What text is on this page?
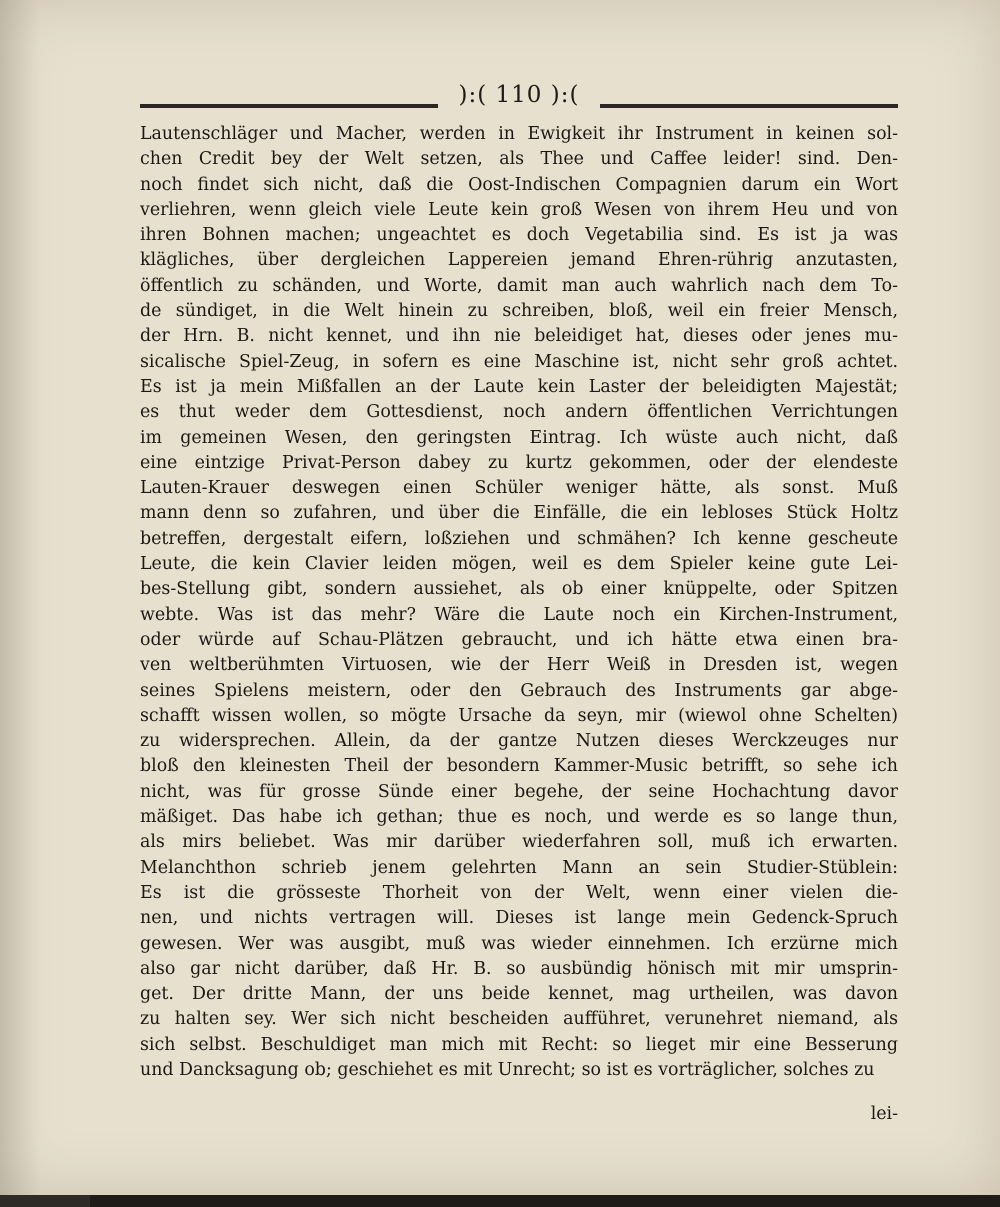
):( 110 ):(
Lautenschläger und Macher, werden in Ewigkeit ihr Instrument in keinen sol-
chen Credit bey der Welt setzen, als Thee und Caffee leider! sind. Den-
noch findet sich nicht, daß die Oost-Indischen Compagnien darum ein Wort
verliehren, wenn gleich viele Leute kein groß Wesen von ihrem Heu und von
ihren Bohnen machen; ungeachtet es doch Vegetabilia sind. Es ist ja was
klägliches, über dergleichen Lappereien jemand Ehren-rührig anzutasten,
öffentlich zu schänden, und Worte, damit man auch wahrlich nach dem To-
de sündiget, in die Welt hinein zu schreiben, bloß, weil ein freier Mensch,
der Hrn. B. nicht kennet, und ihn nie beleidiget hat, dieses oder jenes mu-
sicalische Spiel-Zeug, in sofern es eine Maschine ist, nicht sehr groß achtet.
Es ist ja mein Mißfallen an der Laute kein Laster der beleidigten Majestät;
es thut weder dem Gottesdienst, noch andern öffentlichen Verrichtungen
im gemeinen Wesen, den geringsten Eintrag. Ich wüste auch nicht, daß
eine eintzige Privat-Person dabey zu kurtz gekommen, oder der elendeste
Lauten-Krauer deswegen einen Schüler weniger hätte, als sonst. Muß
mann denn so zufahren, und über die Einfälle, die ein lebloses Stück Holtz
betreffen, dergestalt eifern, loßziehen und schmähen? Ich kenne gescheute
Leute, die kein Clavier leiden mögen, weil es dem Spieler keine gute Lei-
bes-Stellung gibt, sondern aussiehet, als ob einer knüppelte, oder Spitzen
webte. Was ist das mehr? Wäre die Laute noch ein Kirchen-Instrument,
oder würde auf Schau-Plätzen gebraucht, und ich hätte etwa einen bra-
ven weltberühmten Virtuosen, wie der Herr Weiß in Dresden ist, wegen
seines Spielens meistern, oder den Gebrauch des Instruments gar abge-
schafft wissen wollen, so mögte Ursache da seyn, mir (wiewol ohne Schelten)
zu widersprechen. Allein, da der gantze Nutzen dieses Werckzeuges nur
bloß den kleinesten Theil der besondern Kammer-Music betrifft, so sehe ich
nicht, was für grosse Sünde einer begehe, der seine Hochachtung davor
mäßiget. Das habe ich gethan; thue es noch, und werde es so lange thun,
als mirs beliebet. Was mir darüber wiederfahren soll, muß ich erwarten.
Melanchthon schrieb jenem gelehrten Mann an sein Studier-Stüblein:
Es ist die grösseste Thorheit von der Welt, wenn einer vielen die-
nen, und nichts vertragen will. Dieses ist lange mein Gedenck-Spruch
gewesen. Wer was ausgibt, muß was wieder einnehmen. Ich erzürne mich
also gar nicht darüber, daß Hr. B. so ausbündig hönisch mit mir umsprin-
get. Der dritte Mann, der uns beide kennet, mag urtheilen, was davon
zu halten sey. Wer sich nicht bescheiden aufführet, verunehret niemand, als
sich selbst. Beschuldiget man mich mit Recht: so lieget mir eine Besserung
und Dancksagung ob; geschiehet es mit Unrecht; so ist es vorträglicher, solches zu
lei-
